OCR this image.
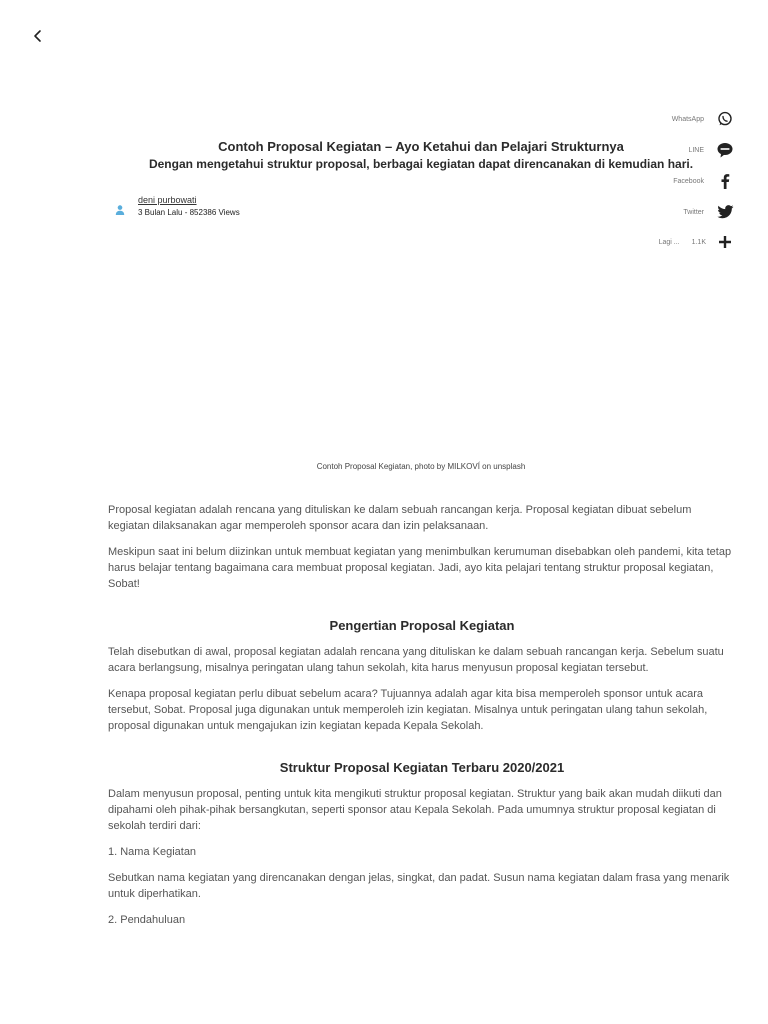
WhatsApp
LINE
Facebook
Twitter
Lagi ... 1.1K
Contoh Proposal Kegiatan – Ayo Ketahui dan Pelajari Strukturnya
Dengan mengetahui struktur proposal, berbagai kegiatan dapat direncanakan di kemudian hari.
deni purbowati
3 Bulan Lalu - 852386 Views
Contoh Proposal Kegiatan, photo by MILKOVÍ on unsplash

Proposal kegiatan adalah rencana yang dituliskan ke dalam sebuah rancangan kerja. Proposal kegiatan dibuat sebelum kegiatan dilaksanakan agar memperoleh sponsor acara dan izin pelaksanaan.

Meskipun saat ini belum diizinkan untuk membuat kegiatan yang menimbulkan kerumuman disebabkan oleh pandemi, kita tetap harus belajar tentang bagaimana cara membuat proposal kegiatan. Jadi, ayo kita pelajari tentang struktur proposal kegiatan, Sobat!

Pengertian Proposal Kegiatan

Telah disebutkan di awal, proposal kegiatan adalah rencana yang dituliskan ke dalam sebuah rancangan kerja. Sebelum suatu acara berlangsung, misalnya peringatan ulang tahun sekolah, kita harus menyusun proposal kegiatan tersebut.

Kenapa proposal kegiatan perlu dibuat sebelum acara? Tujuannya adalah agar kita bisa memperoleh sponsor untuk acara tersebut, Sobat. Proposal juga digunakan untuk memperoleh izin kegiatan. Misalnya untuk peringatan ulang tahun sekolah, proposal digunakan untuk mengajukan izin kegiatan kepada Kepala Sekolah.

Struktur Proposal Kegiatan Terbaru 2020/2021

Dalam menyusun proposal, penting untuk kita mengikuti struktur proposal kegiatan. Struktur yang baik akan mudah diikuti dan dipahami oleh pihak-pihak bersangkutan, seperti sponsor atau Kepala Sekolah. Pada umumnya struktur proposal kegiatan di sekolah terdiri dari:

1. Nama Kegiatan

Sebutkan nama kegiatan yang direncanakan dengan jelas, singkat, dan padat. Susun nama kegiatan dalam frasa yang menarik untuk diperhatikan.

2. Pendahuluan
